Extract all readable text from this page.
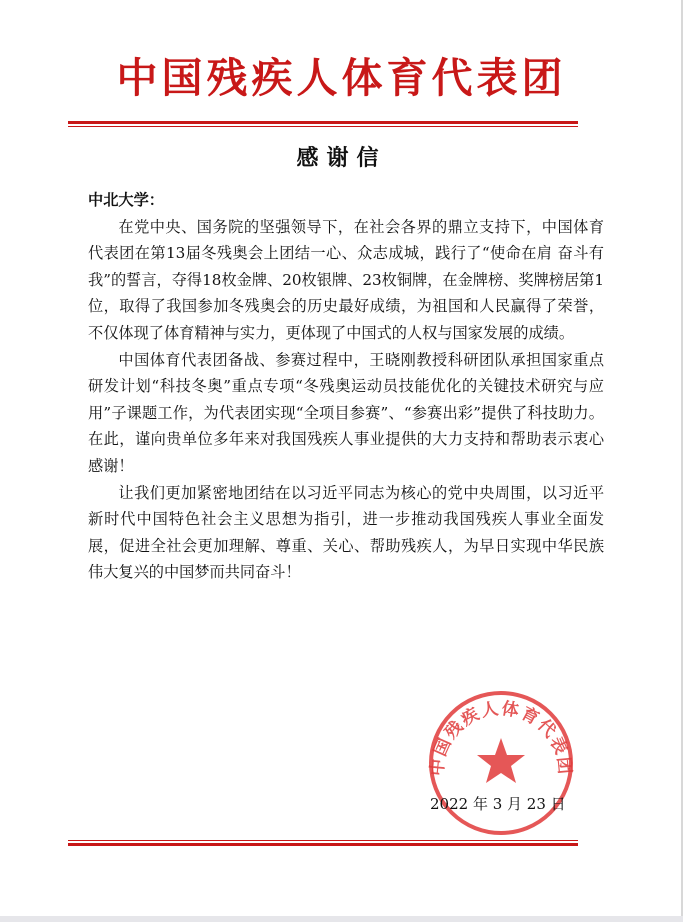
中国残疾人体育代表团
感谢信
中北大学：

在党中央、国务院的坚强领导下，在社会各界的鼎立支持下，中国体育代表团在第13届冬残奥会上团结一心、众志成城，践行了“使命在肩 奋斗有我”的誓言，夺得18枚金牌、20枚银牌、23枚铜牌，在金牌榜、奖牌榜居第1位，取得了我国参加冬残奥会的历史最好成绩，为祖国和人民赢得了荣誉，不仅体现了体育精神与实力，更体现了中国式的人权与国家发展的成绩。

中国体育代表团备战、参赛过程中，王晓刚教授科研团队承担国家重点研发计划“科技冬奥”重点专项“冬残奥运动员技能优化的关键技术研究与应用”子课题工作，为代表团实现“全项目参赛”、“参赛出彩”提供了科技助力。在此，谨向贵单位多年来对我国残疾人事业提供的大力支持和帮助表示衷心感谢！

让我们更加紧密地团结在以习近平同志为核心的党中央周围，以习近平新时代中国特色社会主义思想为指引，进一步推动我国残疾人事业全面发展，促进全社会更加理解、尊重、关心、帮助残疾人，为早日实现中华民族伟大复兴的中国梦而共同奋斗！

中国残疾人体育代表团
2022 年 3 月 23 日
